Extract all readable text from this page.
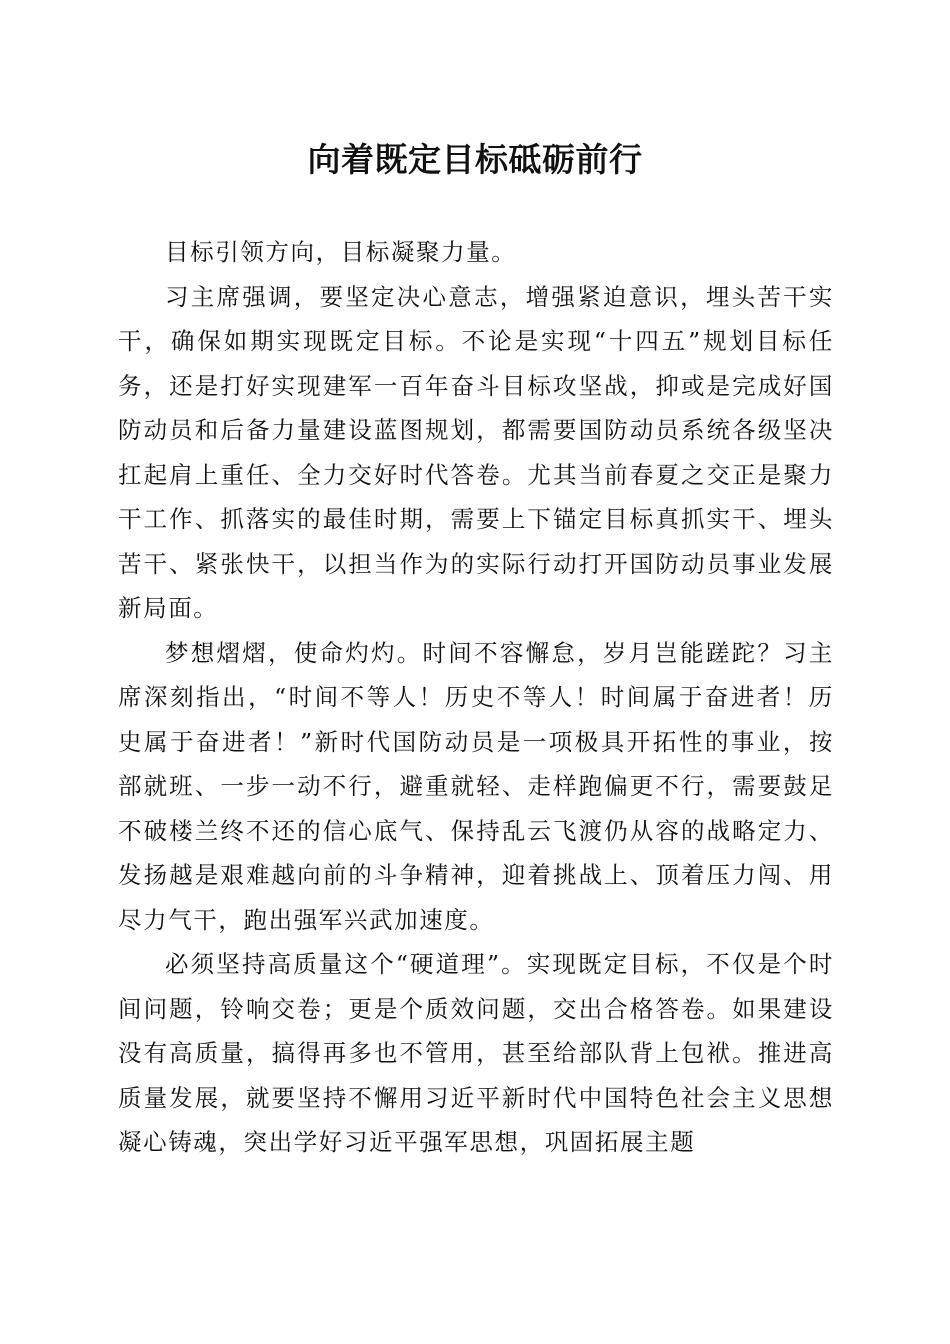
向着既定目标砥砺前行

目标引领方向，目标凝聚力量。

习主席强调，要坚定决心意志，增强紧迫意识，埋头苦干实干，确保如期实现既定目标。不论是实现“十四五”规划目标任务，还是打好实现建军一百年奋斗目标攻坚战，抑或是完成好国防动员和后备力量建设蓝图规划，都需要国防动员系统各级坚决扛起肩上重任、全力交好时代答卷。尤其当前春夏之交正是聚力干工作、抓落实的最佳时期，需要上下锚定目标真抓实干、埋头苦干、紧张快干，以担当作为的实际行动打开国防动员事业发展新局面。

梦想熠熠，使命灼灼。时间不容懈怠，岁月岂能蹉跎？习主席深刻指出，“时间不等人！历史不等人！时间属于奋进者！历史属于奋进者！”新时代国防动员是一项极具开拓性的事业，按部就班、一步一动不行，避重就轻、走样跑偏更不行，需要鼓足不破楼兰终不还的信心底气、保持乱云飞渡仍从容的战略定力、发扬越是艰难越向前的斗争精神，迎着挑战上、顶着压力闯、用尽力气干，跑出强军兴武加速度。

必须坚持高质量这个“硬道理”。实现既定目标，不仅是个时间问题，铃响交卷；更是个质效问题，交出合格答卷。如果建设没有高质量，搞得再多也不管用，甚至给部队背上包袱。推进高质量发展，就要坚持不懈用习近平新时代中国特色社会主义思想凝心铸魂，突出学好习近平强军思想，巩固拓展主题
